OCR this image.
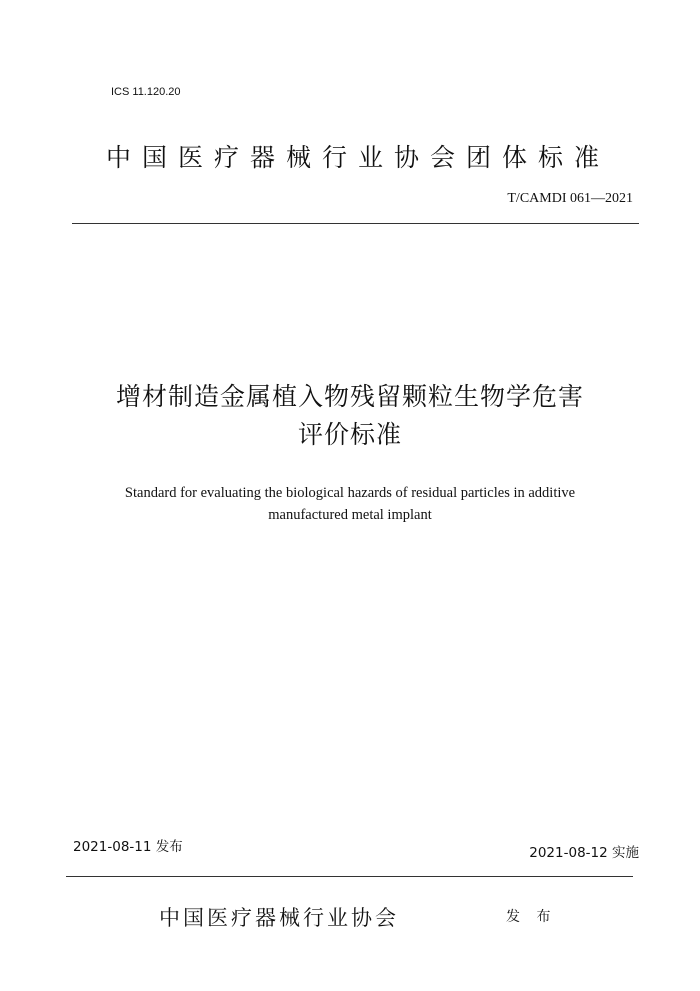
ICS 11.120.20
中国医疗器械行业协会团体标准
T/CAMDI 061—2021
增材制造金属植入物残留颗粒生物学危害
评价标准
Standard for evaluating the biological hazards of residual particles in additive
manufactured metal implant
2021-08-11 发布	2021-08-12 实施
中国医疗器械行业协会	发 布
